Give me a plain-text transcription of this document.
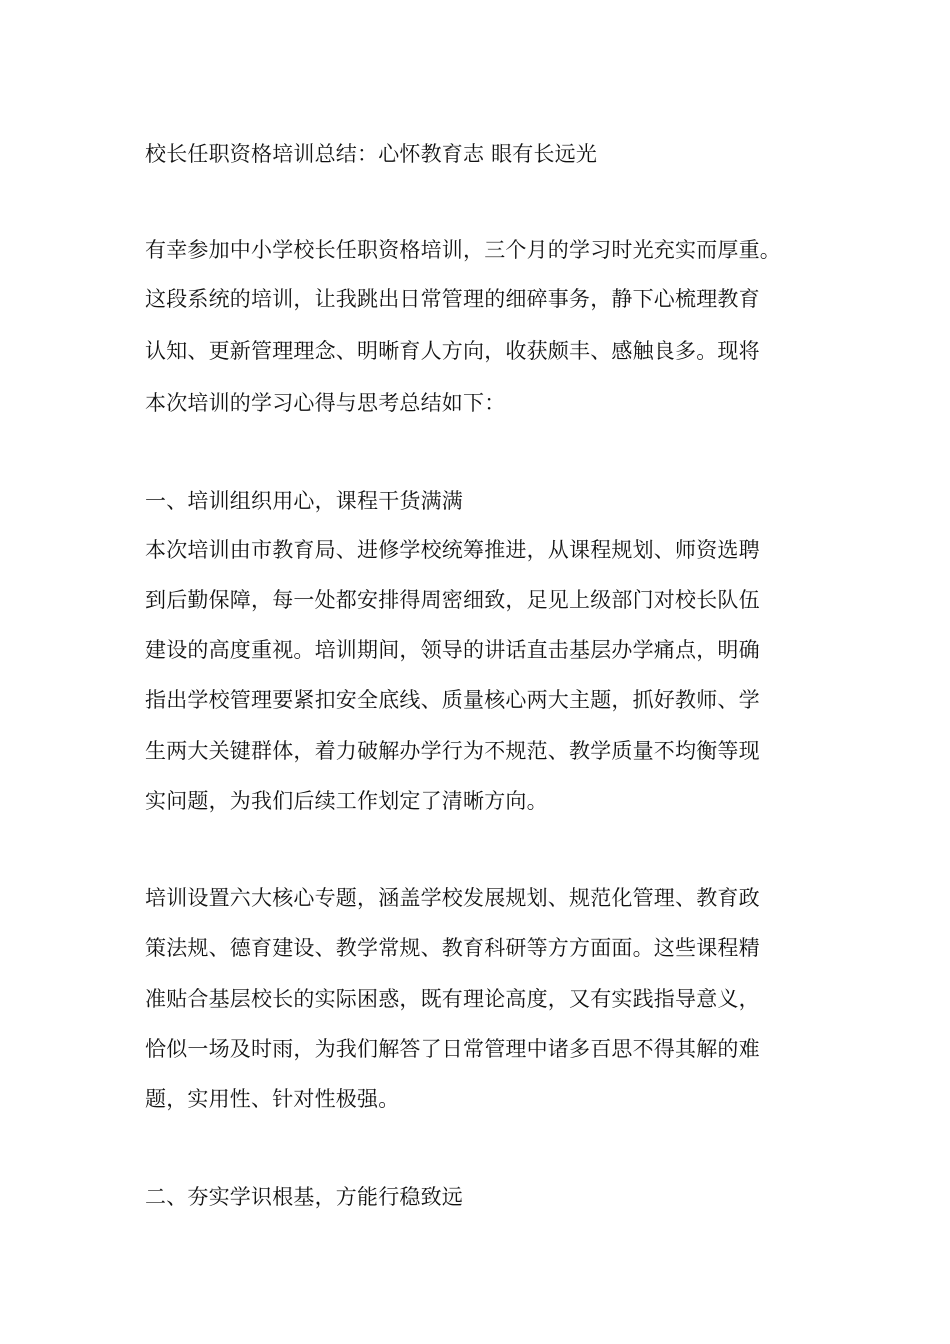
校长任职资格培训总结：心怀教育志 眼有长远光
有幸参加中小学校长任职资格培训，三个月的学习时光充实而厚重。
这段系统的培训，让我跳出日常管理的细碎事务，静下心梳理教育
认知、更新管理理念、明晰育人方向，收获颇丰、感触良多。现将
本次培训的学习心得与思考总结如下：
一、培训组织用心，课程干货满满
本次培训由市教育局、进修学校统筹推进，从课程规划、师资选聘
到后勤保障，每一处都安排得周密细致，足见上级部门对校长队伍
建设的高度重视。培训期间，领导的讲话直击基层办学痛点，明确
指出学校管理要紧扣安全底线、质量核心两大主题，抓好教师、学
生两大关键群体，着力破解办学行为不规范、教学质量不均衡等现
实问题，为我们后续工作划定了清晰方向。
培训设置六大核心专题，涵盖学校发展规划、规范化管理、教育政
策法规、德育建设、教学常规、教育科研等方方面面。这些课程精
准贴合基层校长的实际困惑，既有理论高度，又有实践指导意义，
恰似一场及时雨，为我们解答了日常管理中诸多百思不得其解的难
题，实用性、针对性极强。
二、夯实学识根基，方能行稳致远
